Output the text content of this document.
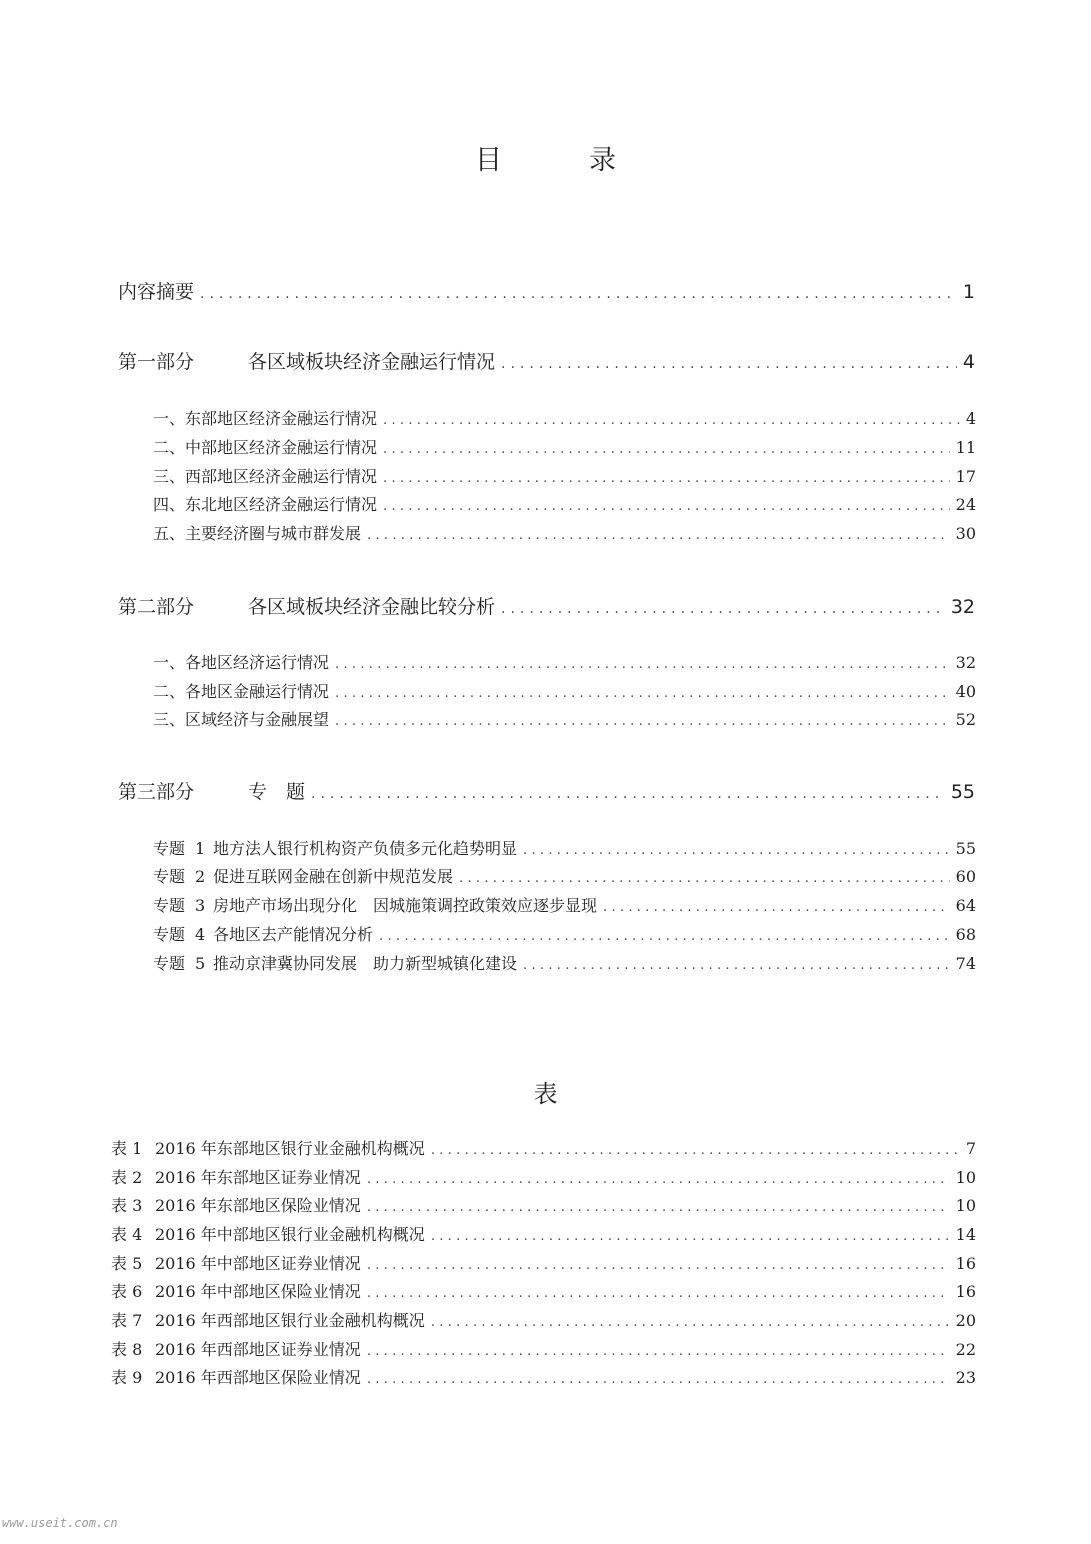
目　录
内容摘要 .....	1
第一部分	各区域板块经济金融运行情况 .....	4
一、东部地区经济金融运行情况 .....	4
二、中部地区经济金融运行情况 .....	11
三、西部地区经济金融运行情况 .....	17
四、东北地区经济金融运行情况 .....	24
五、主要经济圈与城市群发展 .....	30
第二部分	各区域板块经济金融比较分析 .....	32
一、各地区经济运行情况 .....	32
二、各地区金融运行情况 .....	40
三、区域经济与金融展望 .....	52
第三部分	专　题 .....	55
专题 1 地方法人银行机构资产负债多元化趋势明显 .....	55
专题 2 促进互联网金融在创新中规范发展 .....	60
专题 3 房地产市场出现分化　因城施策调控政策效应逐步显现 .....	64
专题 4 各地区去产能情况分析 .....	68
专题 5 推动京津冀协同发展　助力新型城镇化建设 .....	74
表
表 1 2016 年东部地区银行业金融机构概况 .....	7
表 2 2016 年东部地区证券业情况 .....	10
表 3 2016 年东部地区保险业情况 .....	10
表 4 2016 年中部地区银行业金融机构概况 .....	14
表 5 2016 年中部地区证券业情况 .....	16
表 6 2016 年中部地区保险业情况 .....	16
表 7 2016 年西部地区银行业金融机构概况 .....	20
表 8 2016 年西部地区证券业情况 .....	22
表 9 2016 年西部地区保险业情况 .....	23
www.useit.com.cn
